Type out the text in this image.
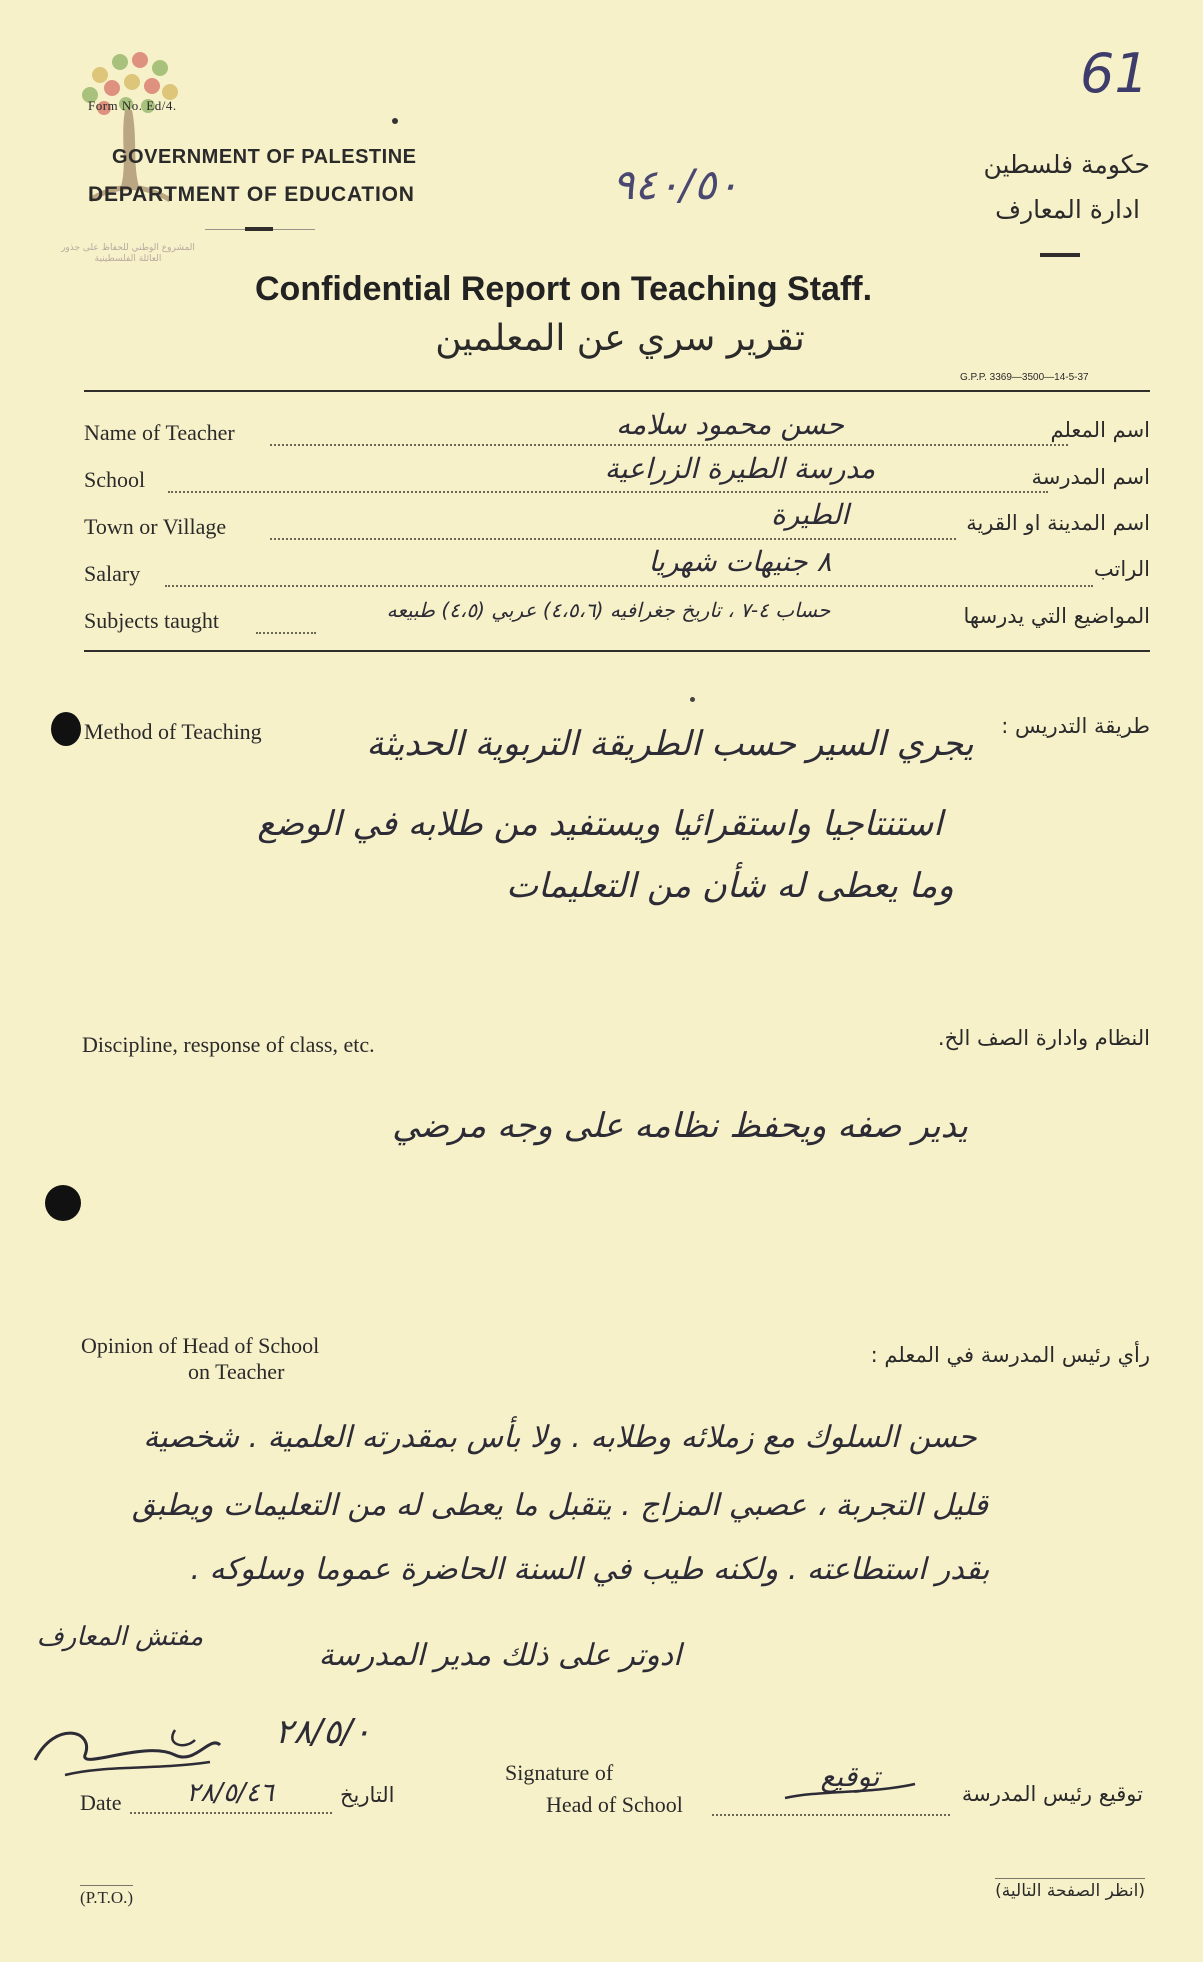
المشروع الوطني للحفاظ على جذور العائلة الفلسطينية
61
Form No. Ed/4.
GOVERNMENT OF PALESTINE
DEPARTMENT OF EDUCATION	٩٤٠/٥٠	حكومة فلسطين
ادارة المعارف
Confidential Report on Teaching Staff.
تقرير سري عن المعلمين
G.P.P. 3369—3500—14-5-37
Name of Teacher	حسن محمود سلامه	اسم المعلم
School	مدرسة الطيرة الزراعية	اسم المدرسة
Town or Village	الطيرة	اسم المدينة او القرية
Salary	٨ جنيهات شهريا	الراتب
Subjects taught	حساب ٤-٧ ، تاريخ جغرافيه (٤،٥،٦) عربي (٤،٥) طبيعه	المواضيع التي يدرسها
Method of Teaching	طريقة التدريس :
يجري السير حسب الطريقة التربوية الحديثة
استنتاجيا واستقرائيا ويستفيد من طلابه في الوضع
وما يعطى له شأن من التعليمات
Discipline, response of class, etc.	النظام وادارة الصف الخ.
يدير صفه ويحفظ نظامه على وجه مرضي
Opinion of Head of School
on Teacher
رأي رئيس المدرسة في المعلم :
حسن السلوك مع زملائه وطلابه . ولا بأس بمقدرته العلمية . شخصية
قليل التجربة ، عصبي المزاج . يتقبل ما يعطى له من التعليمات ويطبق
بقدر استطاعته . ولكنه طيب في السنة الحاضرة عموما وسلوكه .
ادوتر على ذلك مدير المدرسة
مفتش المعارف
٢٨/٥/٠
Date	٢٨/٥/٤٦	التاريخ
Signature of
Head of School
توقيع
توقيع رئيس المدرسة
(P.T.O.)	(انظر الصفحة التالية)
